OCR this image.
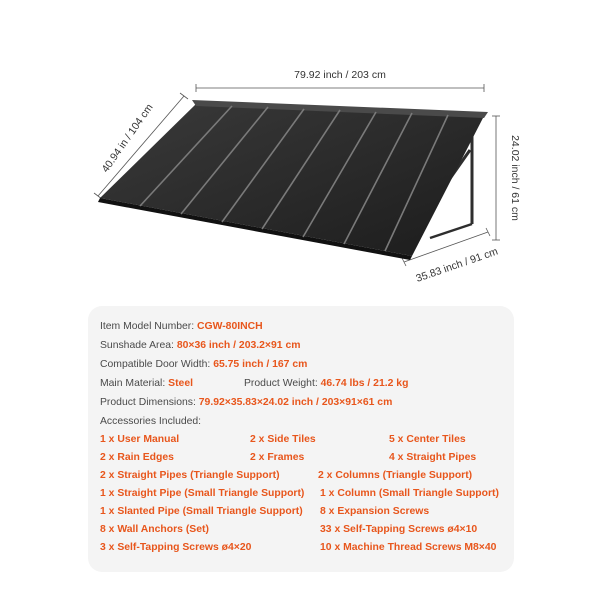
79.92 inch / 203 cm
40.94 in / 104 cm	24.02 inch / 61 cm
35.83 inch / 91 cm
Item Model Number: CGW-80INCH
Sunshade Area: 80×36 inch / 203.2×91 cm
Compatible Door Width: 65.75 inch / 167 cm
Main Material: Steel	Product Weight: 46.74 lbs / 21.2 kg
Product Dimensions: 79.92×35.83×24.02 inch / 203×91×61 cm
Accessories Included:
1 x User Manual	2 x Side Tiles	5 x Center Tiles
2 x Rain Edges	2 x Frames	4 x Straight Pipes
2 x Straight Pipes (Triangle Support)	2 x Columns (Triangle Support)
1 x Straight Pipe (Small Triangle Support) 1 x Column (Small Triangle Support)
1 x Slanted Pipe (Small Triangle Support) 8 x Expansion Screws
8 x Wall Anchors (Set)	33 x Self-Tapping Screws ø4×10
3 x Self-Tapping Screws ø4×20	10 x Machine Thread Screws M8×40
